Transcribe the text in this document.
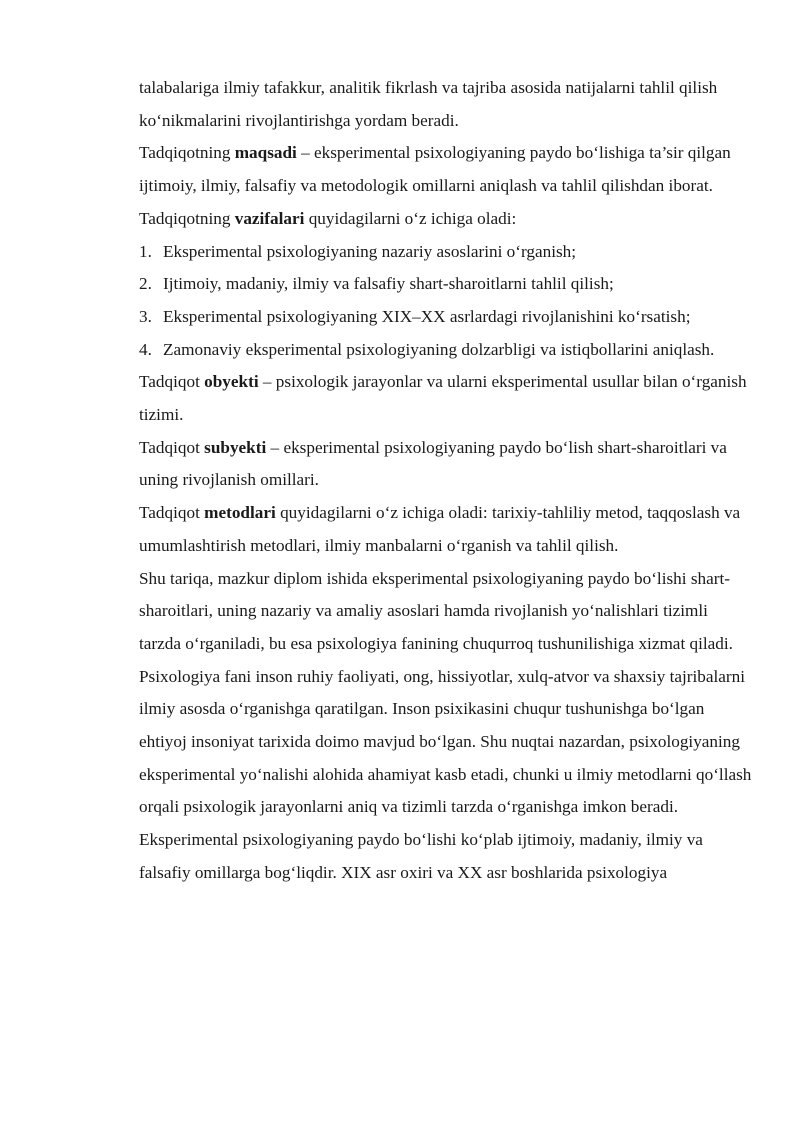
talabalariga ilmiy tafakkur, analitik fikrlash va tajriba asosida natijalarni tahlil qilish ko‘nikmalarini rivojlantirishga yordam beradi.

Tadqiqotning maqsadi – eksperimental psixologiyaning paydo bo‘lishiga ta’sir qilgan ijtimoiy, ilmiy, falsafiy va metodologik omillarni aniqlash va tahlil qilishdan iborat.

Tadqiqotning vazifalari quyidagilarni o‘z ichiga oladi:

1. Eksperimental psixologiyaning nazariy asoslarini o‘rganish;
2. Ijtimoiy, madaniy, ilmiy va falsafiy shart-sharoitlarni tahlil qilish;
3. Eksperimental psixologiyaning XIX–XX asrlardagi rivojlanishini ko‘rsatish;
4. Zamonaviy eksperimental psixologiyaning dolzarbligi va istiqbollarini aniqlash.

Tadqiqot obyekti – psixologik jarayonlar va ularni eksperimental usullar bilan o‘rganish tizimi.

Tadqiqot subyekti – eksperimental psixologiyaning paydo bo‘lish shart-sharoitlari va uning rivojlanish omillari.

Tadqiqot metodlari quyidagilarni o‘z ichiga oladi: tarixiy-tahliliy metod, taqqoslash va umumlashtirish metodlari, ilmiy manbalarni o‘rganish va tahlil qilish.

Shu tariqa, mazkur diplom ishida eksperimental psixologiyaning paydo bo‘lishi shart-sharoitlari, uning nazariy va amaliy asoslari hamda rivojlanish yo‘nalishlari tizimli tarzda o‘rganiladi, bu esa psixologiya fanining chuqurroq tushunilishiga xizmat qiladi.

Psixologiya fani inson ruhiy faoliyati, ong, hissiyotlar, xulq-atvor va shaxsiy tajribalarni ilmiy asosda o‘rganishga qaratilgan. Inson psixikasini chuqur tushunishga bo‘lgan ehtiyoj insoniyat tarixida doimo mavjud bo‘lgan. Shu nuqtai nazardan, psixologiyaning eksperimental yo‘nalishi alohida ahamiyat kasb etadi, chunki u ilmiy metodlarni qo‘llash orqali psixologik jarayonlarni aniq va tizimli tarzda o‘rganishga imkon beradi.

Eksperimental psixologiyaning paydo bo‘lishi ko‘plab ijtimoiy, madaniy, ilmiy va falsafiy omillarga bog‘liqdir. XIX asr oxiri va XX asr boshlarida psixologiya
